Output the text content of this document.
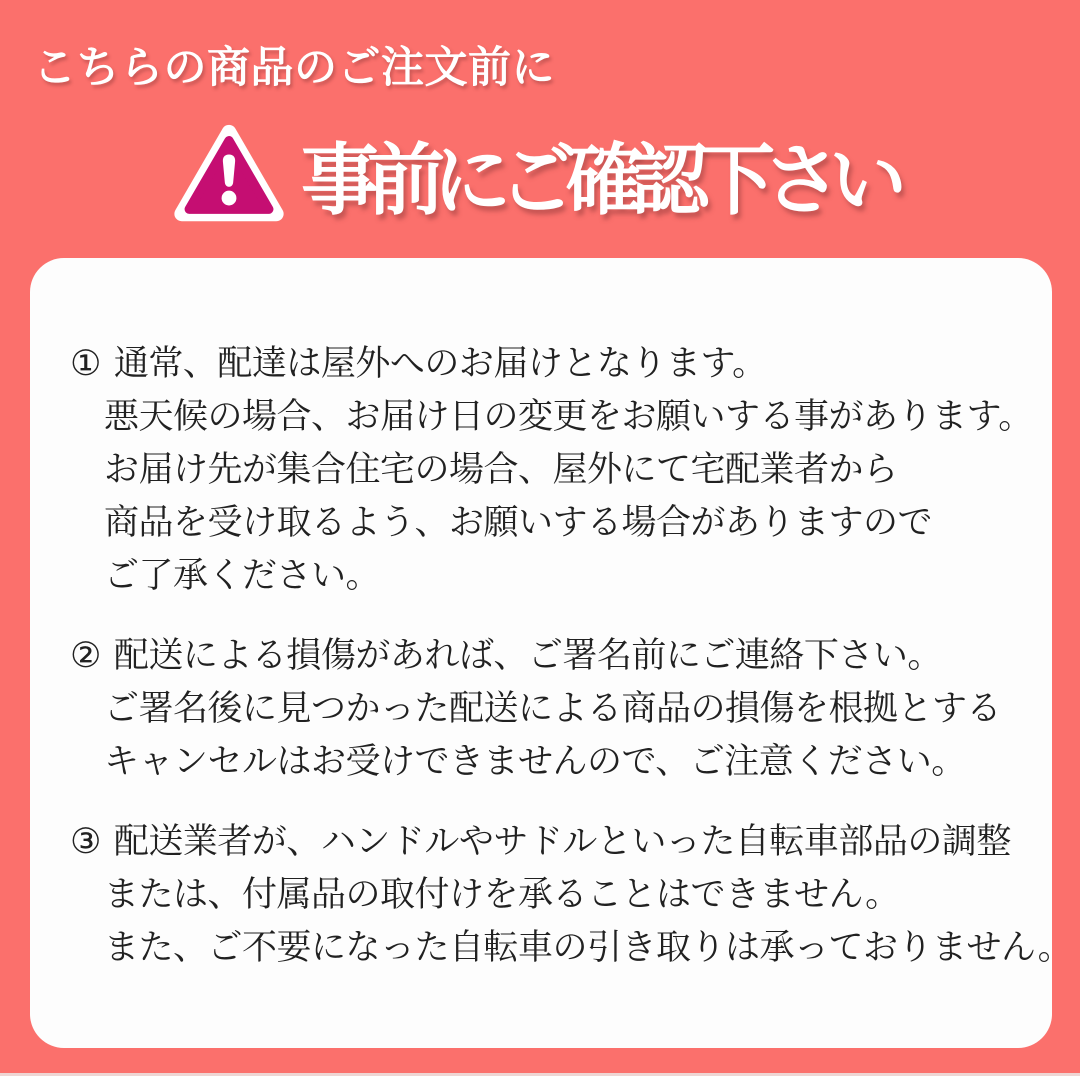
こちらの商品のご注文前に
事前にご確認下さい
① 通常、配達は屋外へのお届けとなります。
悪天候の場合、お届け日の変更をお願いする事があります。
お届け先が集合住宅の場合、屋外にて宅配業者から
商品を受け取るよう、お願いする場合がありますので
ご了承ください。
② 配送による損傷があれば、ご署名前にご連絡下さい。
ご署名後に見つかった配送による商品の損傷を根拠とする
キャンセルはお受けできませんので、ご注意ください。
③ 配送業者が、ハンドルやサドルといった自転車部品の調整
または、付属品の取付けを承ることはできません。
また、ご不要になった自転車の引き取りは承っておりません。
